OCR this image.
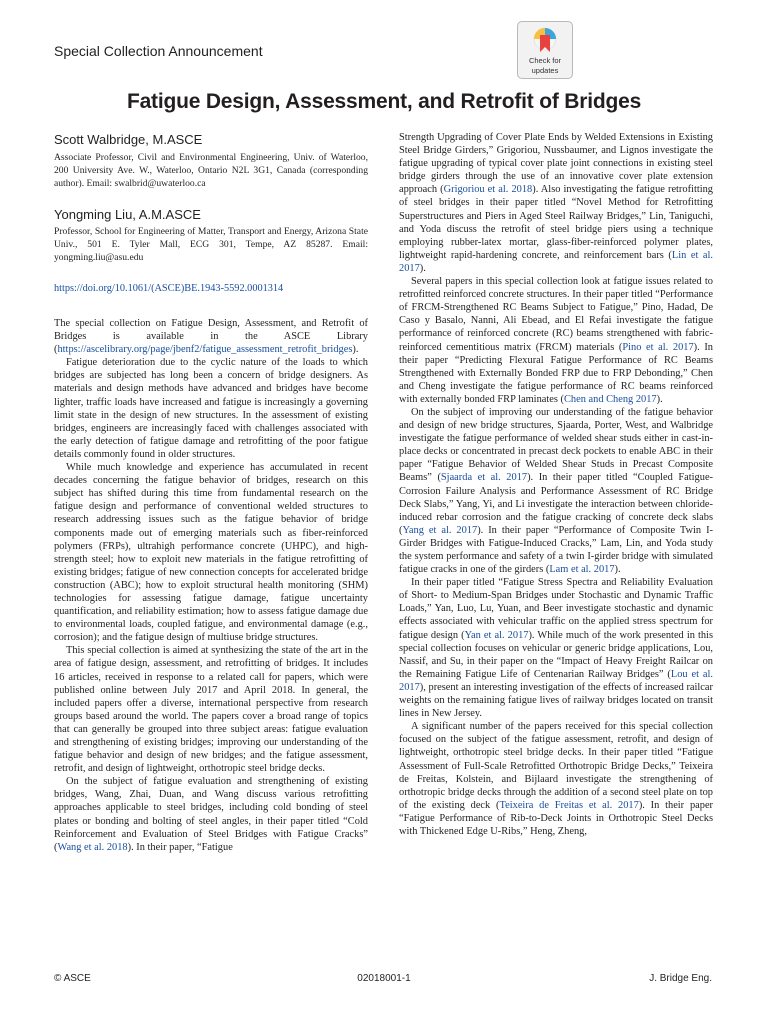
Special Collection Announcement
Check for
updates
Fatigue Design, Assessment, and Retrofit of Bridges
Scott Walbridge, M.ASCE
Associate Professor, Civil and Environmental Engineering, Univ. of Waterloo, 200 University Ave. W., Waterloo, Ontario N2L 3G1, Canada (corresponding author). Email: swalbrid@uwaterloo.ca
Yongming Liu, A.M.ASCE
Professor, School for Engineering of Matter, Transport and Energy, Arizona State Univ., 501 E. Tyler Mall, ECG 301, Tempe, AZ 85287. Email: yongming.liu@asu.edu
https://doi.org/10.1061/(ASCE)BE.1943-5592.0001314

The special collection on Fatigue Design, Assessment, and Retrofit of Bridges is available in the ASCE Library (https://ascelibrary.org/page/jbenf2/fatigue_assessment_retrofit_bridges).

Fatigue deterioration due to the cyclic nature of the loads to which bridges are subjected has long been a concern of bridge designers. As materials and design methods have advanced and bridges have become lighter, traffic loads have increased and fatigue is increasingly a governing limit state in the design of new structures. In the assessment of existing bridges, engineers are increasingly faced with challenges associated with the early detection of fatigue damage and retrofitting of the poor fatigue details commonly found in older structures.

While much knowledge and experience has accumulated in recent decades concerning the fatigue behavior of bridges, research on this subject has shifted during this time from fundamental research on the fatigue design and performance of conventional welded structures to research addressing issues such as the fatigue behavior of bridge components made out of emerging materials such as fiber-reinforced polymers (FRPs), ultrahigh performance concrete (UHPC), and high-strength steel; how to exploit new materials in the fatigue retrofitting of existing bridges; fatigue of new connection concepts for accelerated bridge construction (ABC); how to exploit structural health monitoring (SHM) technologies for assessing fatigue damage, fatigue uncertainty quantification, and reliability estimation; how to assess fatigue damage due to environmental loads, coupled fatigue, and environmental damage (e.g., corrosion); and the fatigue design of multiuse bridge structures.

This special collection is aimed at synthesizing the state of the art in the area of fatigue design, assessment, and retrofitting of bridges. It includes 16 articles, received in response to a related call for papers, which were published online between July 2017 and April 2018. In general, the included papers offer a diverse, international perspective from research groups based around the world. The papers cover a broad range of topics that can generally be grouped into three subject areas: fatigue evaluation and strengthening of existing bridges; improving our understanding of the fatigue behavior and design of new bridges; and the fatigue assessment, retrofit, and design of lightweight, orthotropic steel bridge decks.

On the subject of fatigue evaluation and strengthening of existing bridges, Wang, Zhai, Duan, and Wang discuss various retrofitting approaches applicable to steel bridges, including cold bonding of steel plates or bonding and bolting of steel angles, in their paper titled “Cold Reinforcement and Evaluation of Steel Bridges with Fatigue Cracks” (Wang et al. 2018). In their paper, “Fatigue

Strength Upgrading of Cover Plate Ends by Welded Extensions in Existing Steel Bridge Girders,” Grigoriou, Nussbaumer, and Lignos investigate the fatigue upgrading of typical cover plate joint connections in existing steel bridge girders through the use of an innovative cover plate extension approach (Grigoriou et al. 2018). Also investigating the fatigue retrofitting of steel bridges in their paper titled “Novel Method for Retrofitting Superstructures and Piers in Aged Steel Railway Bridges,” Lin, Taniguchi, and Yoda discuss the retrofit of steel bridge piers using a technique employing rubber-latex mortar, glass-fiber-reinforced polymer plates, lightweight rapid-hardening concrete, and reinforcement bars (Lin et al. 2017).

Several papers in this special collection look at fatigue issues related to retrofitted reinforced concrete structures. In their paper titled “Performance of FRCM-Strengthened RC Beams Subject to Fatigue,” Pino, Hadad, De Caso y Basalo, Nanni, Ali Ebead, and El Refai investigate the fatigue performance of reinforced concrete (RC) beams strengthened with fabric-reinforced cementitious matrix (FRCM) materials (Pino et al. 2017). In their paper “Predicting Flexural Fatigue Performance of RC Beams Strengthened with Externally Bonded FRP due to FRP Debonding,” Chen and Cheng investigate the fatigue performance of RC beams reinforced with externally bonded FRP laminates (Chen and Cheng 2017).

On the subject of improving our understanding of the fatigue behavior and design of new bridge structures, Sjaarda, Porter, West, and Walbridge investigate the fatigue performance of welded shear studs either in cast-in-place decks or concentrated in precast deck pockets to enable ABC in their paper “Fatigue Behavior of Welded Shear Studs in Precast Composite Beams” (Sjaarda et al. 2017). In their paper titled “Coupled Fatigue-Corrosion Failure Analysis and Performance Assessment of RC Bridge Deck Slabs,” Yang, Yi, and Li investigate the interaction between chloride-induced rebar corrosion and the fatigue cracking of concrete deck slabs (Yang et al. 2017). In their paper “Performance of Composite Twin I-Girder Bridges with Fatigue-Induced Cracks,” Lam, Lin, and Yoda study the system performance and safety of a twin I-girder bridge with simulated fatigue cracks in one of the girders (Lam et al. 2017).

In their paper titled “Fatigue Stress Spectra and Reliability Evaluation of Short- to Medium-Span Bridges under Stochastic and Dynamic Traffic Loads,” Yan, Luo, Lu, Yuan, and Beer investigate stochastic and dynamic effects associated with vehicular traffic on the applied stress spectrum for fatigue design (Yan et al. 2017). While much of the work presented in this special collection focuses on vehicular or generic bridge applications, Lou, Nassif, and Su, in their paper on the “Impact of Heavy Freight Railcar on the Remaining Fatigue Life of Centenarian Railway Bridges” (Lou et al. 2017), present an interesting investigation of the effects of increased railcar weights on the remaining fatigue lives of railway bridges located on transit lines in New Jersey.

A significant number of the papers received for this special collection focused on the subject of the fatigue assessment, retrofit, and design of lightweight, orthotropic steel bridge decks. In their paper titled “Fatigue Assessment of Full-Scale Retrofitted Orthotropic Bridge Decks,” Teixeira de Freitas, Kolstein, and Bijlaard investigate the strengthening of orthotropic bridge decks through the addition of a second steel plate on top of the existing deck (Teixeira de Freitas et al. 2017). In their paper “Fatigue Performance of Rib-to-Deck Joints in Orthotropic Steel Decks with Thickened Edge U-Ribs,” Heng, Zheng,

© ASCE	02018001-1	J. Bridge Eng.
